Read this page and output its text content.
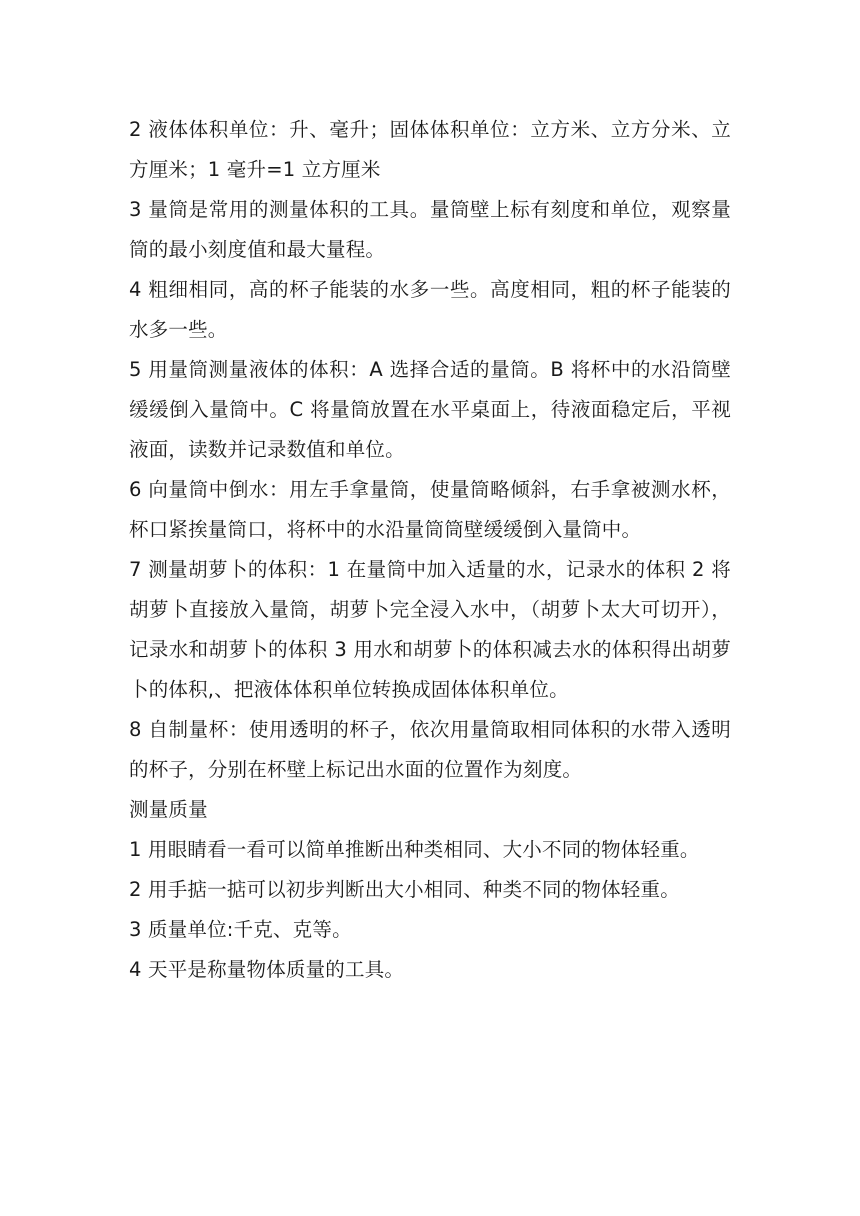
2 液体体积单位：升、毫升；固体体积单位：立方米、立方分米、立方厘米；1 毫升=1 立方厘米

3 量筒是常用的测量体积的工具。量筒壁上标有刻度和单位，观察量筒的最小刻度值和最大量程。

4 粗细相同，高的杯子能装的水多一些。高度相同，粗的杯子能装的水多一些。

5 用量筒测量液体的体积：A 选择合适的量筒。B 将杯中的水沿筒壁缓缓倒入量筒中。C 将量筒放置在水平桌面上，待液面稳定后，平视液面，读数并记录数值和单位。

6 向量筒中倒水：用左手拿量筒，使量筒略倾斜，右手拿被测水杯，杯口紧挨量筒口，将杯中的水沿量筒筒壁缓缓倒入量筒中。

7 测量胡萝卜的体积：1 在量筒中加入适量的水，记录水的体积 2 将胡萝卜直接放入量筒，胡萝卜完全浸入水中，（胡萝卜太大可切开），记录水和胡萝卜的体积 3 用水和胡萝卜的体积减去水的体积得出胡萝卜的体积,、把液体体积单位转换成固体体积单位。

8 自制量杯：使用透明的杯子，依次用量筒取相同体积的水带入透明的杯子，分别在杯壁上标记出水面的位置作为刻度。

测量质量

1 用眼睛看一看可以简单推断出种类相同、大小不同的物体轻重。

2 用手掂一掂可以初步判断出大小相同、种类不同的物体轻重。

3 质量单位:千克、克等。

4 天平是称量物体质量的工具。
